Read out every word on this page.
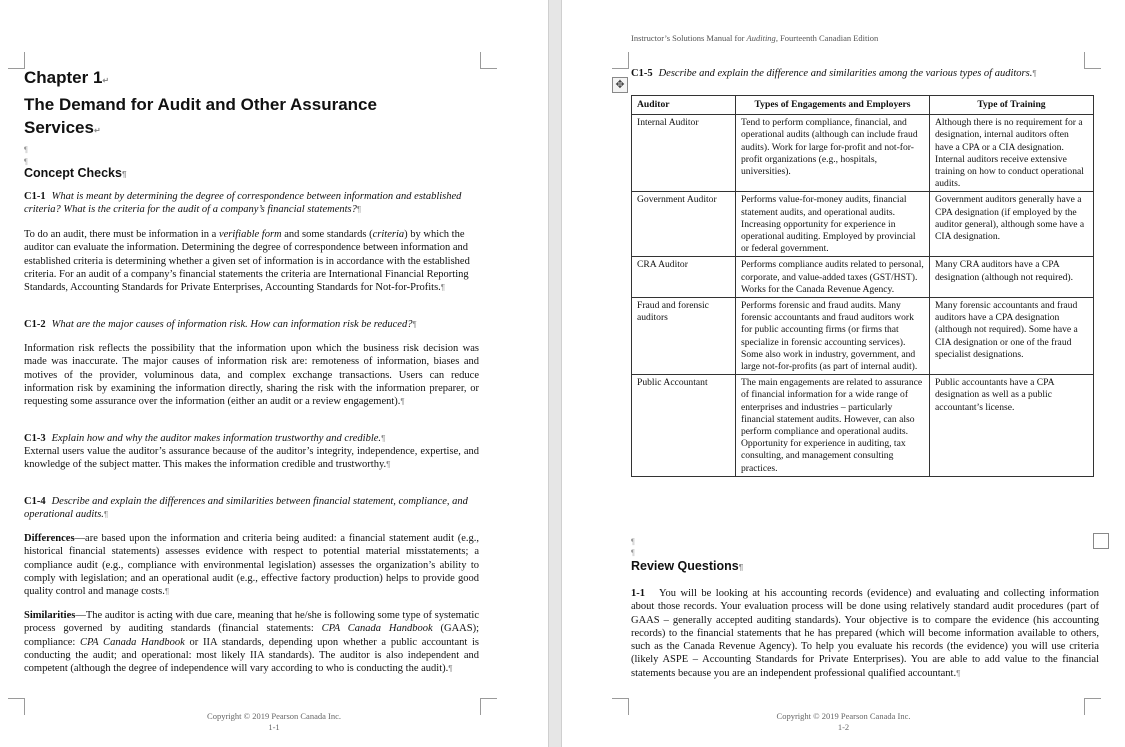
Chapter 1↵
The Demand for Audit and Other Assurance Services↵
¶
¶
Concept Checks¶
C1-1 What is meant by determining the degree of correspondence between information and established criteria? What is the criteria for the audit of a company’s financial statements?¶
To do an audit, there must be information in a verifiable form and some standards (criteria) by which the auditor can evaluate the information. Determining the degree of correspondence between information and established criteria is determining whether a given set of information is in accordance with the established criteria. For an audit of a company’s financial statements the criteria are International Financial Reporting Standards, Accounting Standards for Private Enterprises, Accounting Standards for Not-for-Profits.¶
C1-2 What are the major causes of information risk. How can information risk be reduced?¶
Information risk reflects the possibility that the information upon which the business risk decision was made was inaccurate. The major causes of information risk are: remoteness of information, biases and motives of the provider, voluminous data, and complex exchange transactions. Users can reduce information risk by examining the information directly, sharing the risk with the information preparer, or requesting some assurance over the information (either an audit or a review engagement).¶
C1-3 Explain how and why the auditor makes information trustworthy and credible.¶
External users value the auditor’s assurance because of the auditor’s integrity, independence, expertise, and knowledge of the subject matter. This makes the information credible and trustworthy.¶
C1-4 Describe and explain the differences and similarities between financial statement, compliance, and operational audits.¶
Differences—are based upon the information and criteria being audited: a financial statement audit (e.g., historical financial statements) assesses evidence with respect to potential material misstatements; a compliance audit (e.g., compliance with environmental legislation) assesses the organization’s ability to comply with legislation; and an operational audit (e.g., effective factory production) helps to provide good quality control and manage costs.¶
Similarities—The auditor is acting with due care, meaning that he/she is following some type of systematic process governed by auditing standards (financial statements: CPA Canada Handbook (GAAS); compliance: CPA Canada Handbook or IIA standards, depending upon whether a public accountant is conducting the audit; and operational: most likely IIA standards). The auditor is also independent and competent (although the degree of independence will vary according to who is conducting the audit).¶
Copyright © 2019 Pearson Canada Inc.
1-1
Instructor’s Solutions Manual for Auditing, Fourteenth Canadian Edition
✥
C1-5 Describe and explain the difference and similarities among the various types of auditors.¶
Auditor	Types of Engagements and Employers	Type of Training
Internal Auditor	Tend to perform compliance, financial, and operational audits (although can include fraud audits). Work for large for-profit and not-for-profit organizations (e.g., hospitals, universities).	Although there is no requirement for a designation, internal auditors often have a CPA or a CIA designation. Internal auditors receive extensive training on how to conduct operational audits.
Government Auditor	Performs value-for-money audits, financial statement audits, and operational audits. Increasing opportunity for experience in operational auditing. Employed by provincial or federal government.	Government auditors generally have a CPA designation (if employed by the auditor general), although some have a CIA designation.
CRA Auditor	Performs compliance audits related to personal, corporate, and value-added taxes (GST/HST). Works for the Canada Revenue Agency.	Many CRA auditors have a CPA designation (although not required).
Fraud and forensic auditors	Performs forensic and fraud audits. Many forensic accountants and fraud auditors work for public accounting firms (or firms that specialize in forensic accounting services). Some also work in industry, government, and large not-for-profits (as part of internal audit).	Many forensic accountants and fraud auditors have a CPA designation (although not required). Some have a CIA designation or one of the fraud specialist designations.
Public Accountant	The main engagements are related to assurance of financial information for a wide range of enterprises and industries – particularly financial statement audits. However, can also perform compliance and operational audits. Opportunity for experience in auditing, tax consulting, and management consulting practices.	Public accountants have a CPA designation as well as a public accountant’s license.
¶
¶
Review Questions¶
1-1 You will be looking at his accounting records (evidence) and evaluating and collecting information about those records. Your evaluation process will be done using relatively standard audit procedures (part of GAAS – generally accepted auditing standards). Your objective is to compare the evidence (his accounting records) to the financial statements that he has prepared (which will become information available to others, such as the Canada Revenue Agency). To help you evaluate his records (the evidence) you will use criteria (likely ASPE – Accounting Standards for Private Enterprises). You are able to add value to the financial statements because you are an independent professional qualified accountant.¶
Copyright © 2019 Pearson Canada Inc.
1-2
